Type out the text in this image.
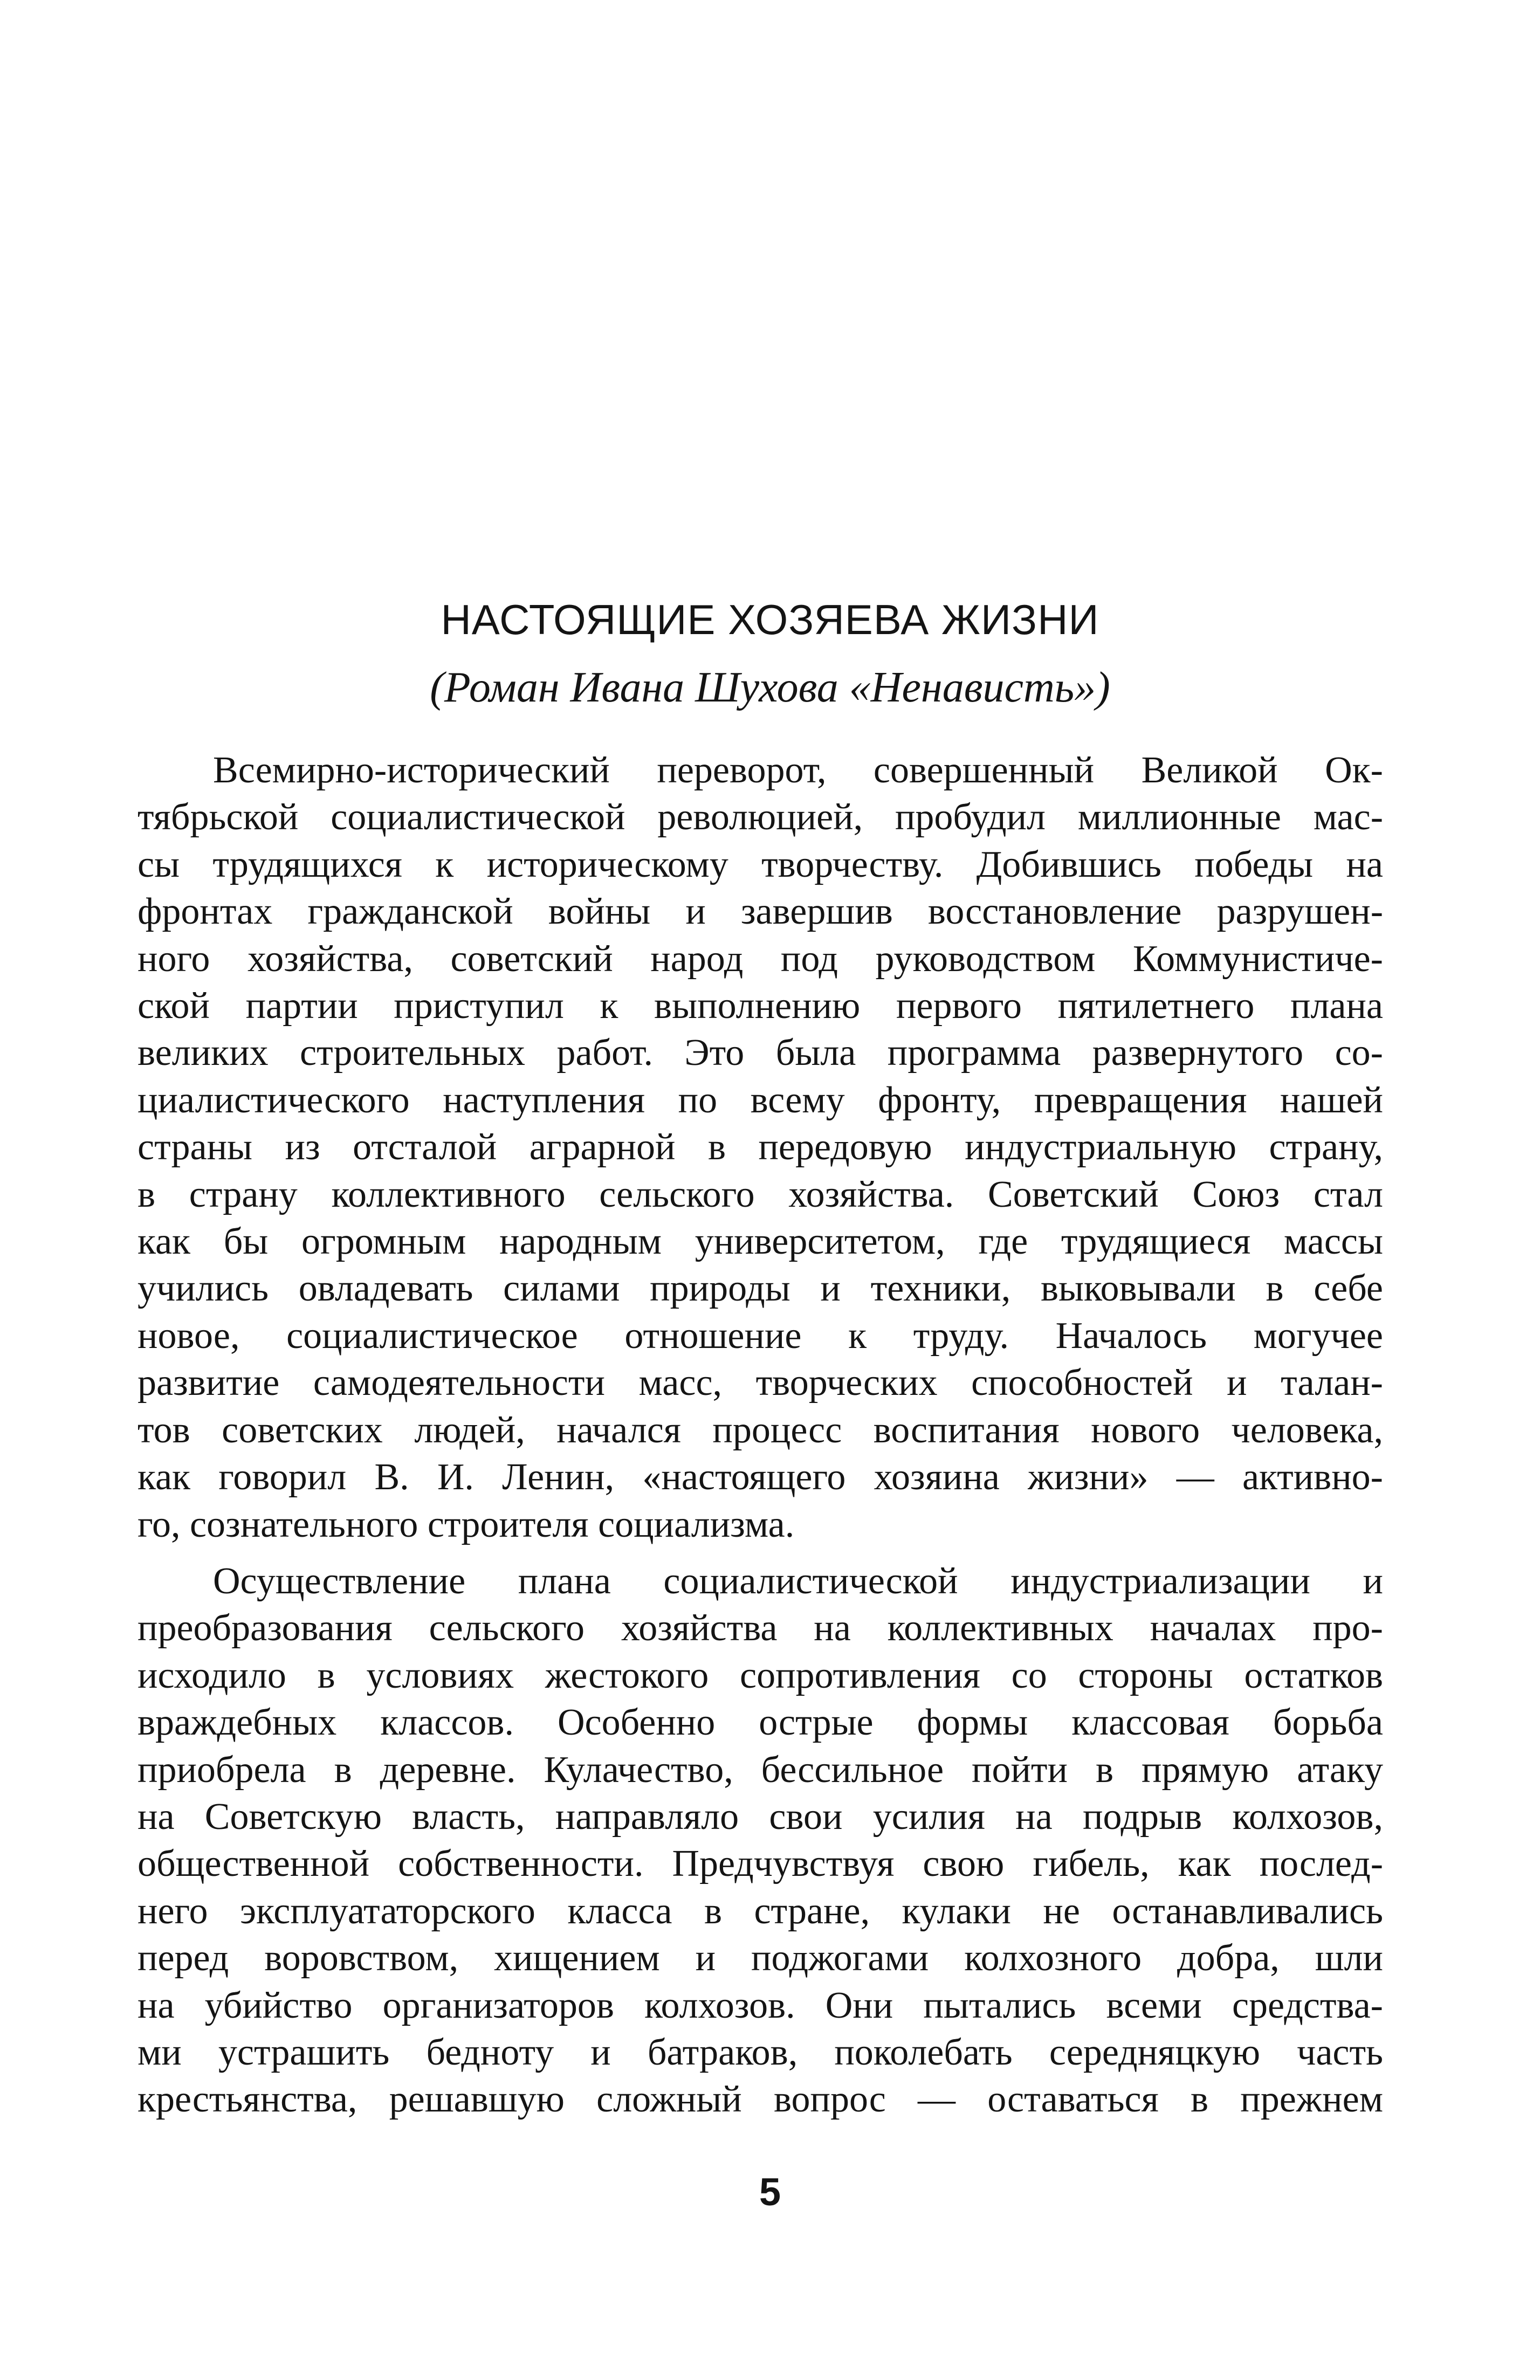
НАСТОЯЩИЕ ХОЗЯЕВА ЖИЗНИ
(Роман Ивана Шухова «Ненависть»)

Всемирно-исторический переворот, совершенный Великой Ок-
тябрьской социалистической революцией, пробудил миллионные мас-
сы трудящихся к историческому творчеству. Добившись победы на
фронтах гражданской войны и завершив восстановление разрушен-
ного хозяйства, советский народ под руководством Коммунистиче-
ской партии приступил к выполнению первого пятилетнего плана
великих строительных работ. Это была программа развернутого со-
циалистического наступления по всему фронту, превращения нашей
страны из отсталой аграрной в передовую индустриальную страну,
в страну коллективного сельского хозяйства. Советский Союз стал
как бы огромным народным университетом, где трудящиеся массы
учились овладевать силами природы и техники, выковывали в себе
новое, социалистическое отношение к труду. Началось могучее
развитие самодеятельности масс, творческих способностей и талан-
тов советских людей, начался процесс воспитания нового человека,
как говорил В. И. Ленин, «настоящего хозяина жизни» — активно-
го, сознательного строителя социализма.

Осуществление плана социалистической индустриализации и
преобразования сельского хозяйства на коллективных началах про-
исходило в условиях жестокого сопротивления со стороны остатков
враждебных классов. Особенно острые формы классовая борьба
приобрела в деревне. Кулачество, бессильное пойти в прямую атаку
на Советскую власть, направляло свои усилия на подрыв колхозов,
общественной собственности. Предчувствуя свою гибель, как послед-
него эксплуататорского класса в стране, кулаки не останавливались
перед воровством, хищением и поджогами колхозного добра, шли
на убийство организаторов колхозов. Они пытались всеми средства-
ми устрашить бедноту и батраков, поколебать середняцкую часть
крестьянства, решавшую сложный вопрос — оставаться в прежнем

5
